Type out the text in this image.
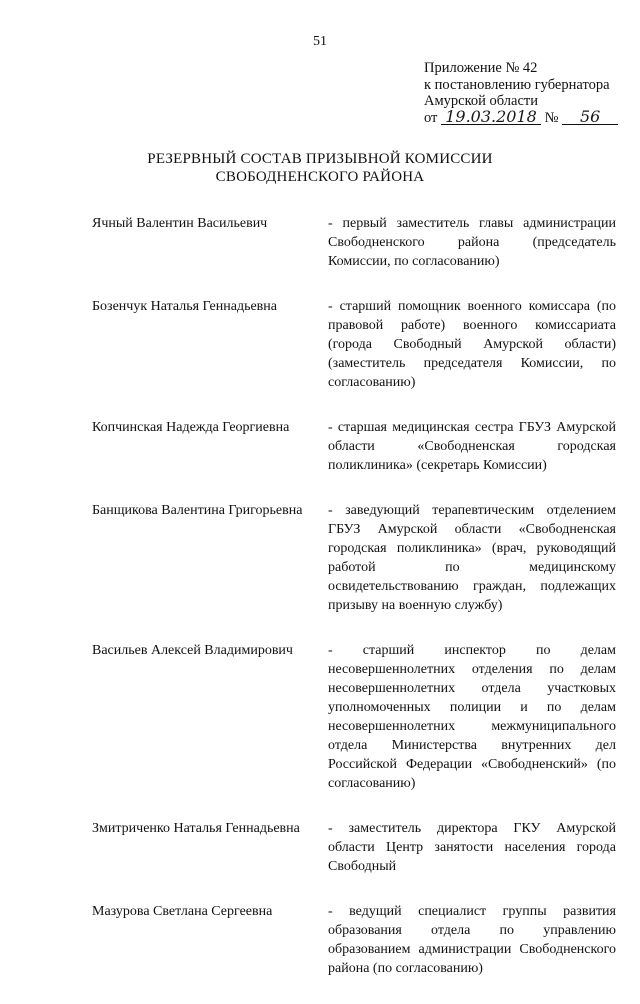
51
Приложение № 42
к постановлению губернатора
Амурской области
от 19.03.2018 № 56
РЕЗЕРВНЫЙ СОСТАВ ПРИЗЫВНОЙ КОМИССИИ
СВОБОДНЕНСКОГО РАЙОНА
Ячный Валентин Васильевич	- первый заместитель главы администрации Свободненского района (председатель Комиссии, по согласованию)
Бозенчук Наталья Геннадьевна	- старший помощник военного комиссара (по правовой работе) военного комиссариата (города Свободный Амурской области) (заместитель председателя Комиссии, по согласованию)
Копчинская Надежда Георгиевна	- старшая медицинская сестра ГБУЗ Амурской области «Свободненская городская поликлиника» (секретарь Комиссии)
Банщикова Валентина Григорьевна	- заведующий терапевтическим отделением ГБУЗ Амурской области «Свободненская городская поликлиника» (врач, руководящий работой по медицинскому освидетельствованию граждан, подлежащих призыву на военную службу)
Васильев Алексей Владимирович	- старший инспектор по делам несовершеннолетних отделения по делам несовершеннолетних отдела участковых уполномоченных полиции и по делам несовершеннолетних межмуниципального отдела Министерства внутренних дел Российской Федерации «Свободненский» (по согласованию)
Змитриченко Наталья Геннадьевна	- заместитель директора ГКУ Амурской области Центр занятости населения города Свободный
Мазурова Светлана Сергеевна	- ведущий специалист группы развития образования отдела по управлению образованием администрации Свободненского района (по согласованию)
